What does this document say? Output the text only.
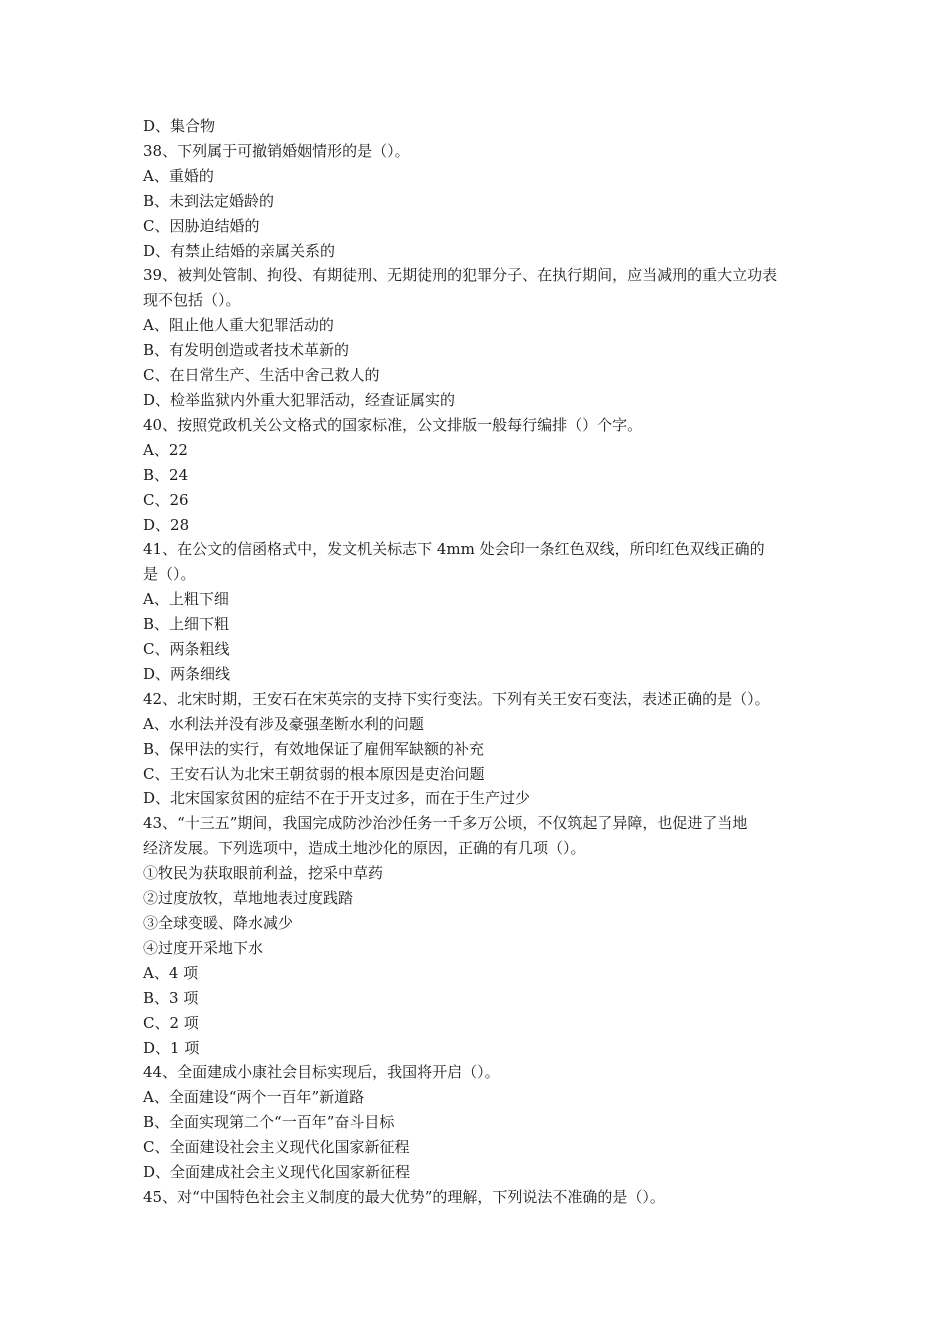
D、集合物
38、下列属于可撤销婚姻情形的是（）。
A、重婚的
B、未到法定婚龄的
C、因胁迫结婚的
D、有禁止结婚的亲属关系的
39、被判处管制、拘役、有期徒刑、无期徒刑的犯罪分子、在执行期间，应当减刑的重大立功表
现不包括（）。
A、阻止他人重大犯罪活动的
B、有发明创造或者技术革新的
C、在日常生产、生活中舍己救人的
D、检举监狱内外重大犯罪活动，经查证属实的
40、按照党政机关公文格式的国家标准，公文排版一般每行编排（）个字。
A、22
B、24
C、26
D、28
41、在公文的信函格式中，发文机关标志下 4mm 处会印一条红色双线，所印红色双线正确的
是（）。
A、上粗下细
B、上细下粗
C、两条粗线
D、两条细线
42、北宋时期，王安石在宋英宗的支持下实行变法。下列有关王安石变法，表述正确的是（）。
A、水利法并没有涉及豪强垄断水利的问题
B、保甲法的实行，有效地保证了雇佣军缺额的补充
C、王安石认为北宋王朝贫弱的根本原因是吏治问题
D、北宋国家贫困的症结不在于开支过多，而在于生产过少
43、“十三五”期间，我国完成防沙治沙任务一千多万公顷，不仅筑起了异障，也促进了当地
经济发展。下列选项中，造成土地沙化的原因，正确的有几项（）。
①牧民为获取眼前利益，挖采中草药
②过度放牧，草地地表过度践踏
③全球变暖、降水减少
④过度开采地下水
A、4 项
B、3 项
C、2 项
D、1 项
44、全面建成小康社会目标实现后，我国将开启（）。
A、全面建设“两个一百年”新道路
B、全面实现第二个“一百年”奋斗目标
C、全面建设社会主义现代化国家新征程
D、全面建成社会主义现代化国家新征程
45、对“中国特色社会主义制度的最大优势”的理解，下列说法不准确的是（）。
